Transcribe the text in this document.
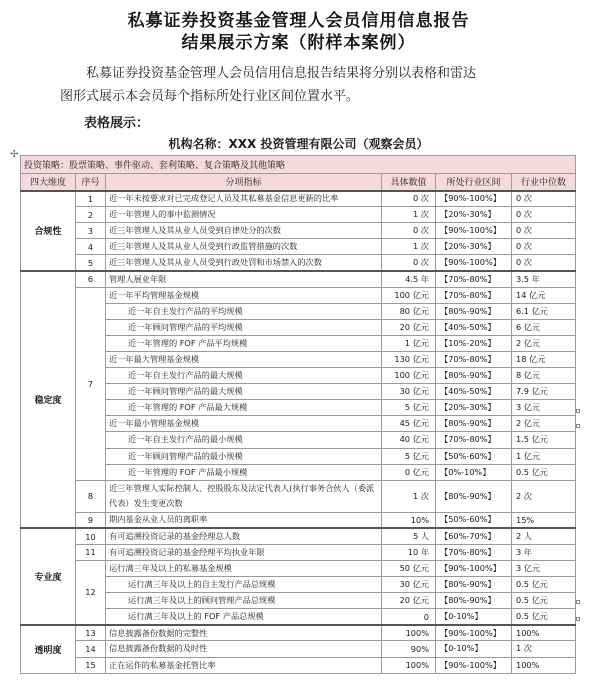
私募证券投资基金管理人会员信用信息报告
结果展示方案（附样本案例）
私募证券投资基金管理人会员信用信息报告结果将分别以表格和雷达
图形式展示本会员每个指标所处行业区间位置水平。
表格展示：
机构名称：XXX 投资管理有限公司（观察会员）
✢
投资策略：股票策略、事件驱动、套利策略、复合策略及其他策略					
四大维度	序号	分项指标	具体数值	所处行业区间	行业中位数
合规性	1	近一年未按要求对已完成登记人员及其私募基金信息更新的比率	0 次	【90%-100%】	0 次
	2	近一年管理人的事中监测情况	1 次	【20%-30%】	0 次
	3	近三年管理人及其从业人员受到自律处分的次数	0 次	【90%-100%】	0 次
	4	近三年管理人及其从业人员受到行政监管措施的次数	1 次	【20%-30%】	0 次
	5	近三年管理人及其从业人员受到行政处罚和市场禁入的次数	0 次	【90%-100%】	0 次
稳定度	6	管理人展业年限	4.5 年	【70%-80%】	3.5 年
	7	近一年平均管理基金规模	100 亿元	【70%-80%】	14 亿元
		近一年自主发行产品的平均规模	80 亿元	【80%-90%】	6.1 亿元
		近一年顾问管理产品的平均规模	20 亿元	【40%-50%】	6 亿元
		近一年管理的 FOF 产品平均规模	1 亿元	【10%-20%】	2 亿元
		近一年最大管理基金规模	130 亿元	【70%-80%】	18 亿元
		近一年自主发行产品的最大规模	100 亿元	【80%-90%】	8 亿元
		近一年顾问管理产品的最大规模	30 亿元	【40%-50%】	7.9 亿元
		近一年管理的 FOF 产品最大规模	5 亿元	【20%-30%】	3 亿元
		近一年最小管理基金规模	45 亿元	【80%-90%】	2 亿元
		近一年自主发行产品的最小规模	40 亿元	【70%-80%】	1.5 亿元
		近一年顾问管理产品的最小规模	5 亿元	【50%-60%】	1 亿元
		近一年管理的 FOF 产品最小规模	0 亿元	【0%-10%】	0.5 亿元
	8	近三年管理人实际控制人、控股股东及法定代表人(执行事务合伙人（委派代表）发生变更次数	1 次	【80%-90%】	2 次
	9	期内基金从业人员的离职率	10%	【50%-60%】	15%
专业度	10	有可追溯投资记录的基金经理总人数	5 人	【60%-70%】	2 人
	11	有可追溯投资记录的基金经理平均执业年限	10 年	【70%-80%】	3 年
	12	运行满三年及以上的私募基金规模	50 亿元	【90%-100%】	3 亿元
		运行满三年及以上的自主发行产品总规模	30 亿元	【80%-90%】	0.5 亿元
		运行满三年及以上的顾问管理产品总规模	20 亿元	【80%-90%】	0.5 亿元
		运行满三年及以上的 FOF 产品总规模	0	【0-10%】	0.5 亿元
透明度	13	信息披露备份数据的完整性	100%	【90%-100%】	100%
	14	信息披露备份数据的及时性	90%	【0-10%】	1 次
	15	正在运作的私募基金托管比率	100%	【90%-100%】	100%
